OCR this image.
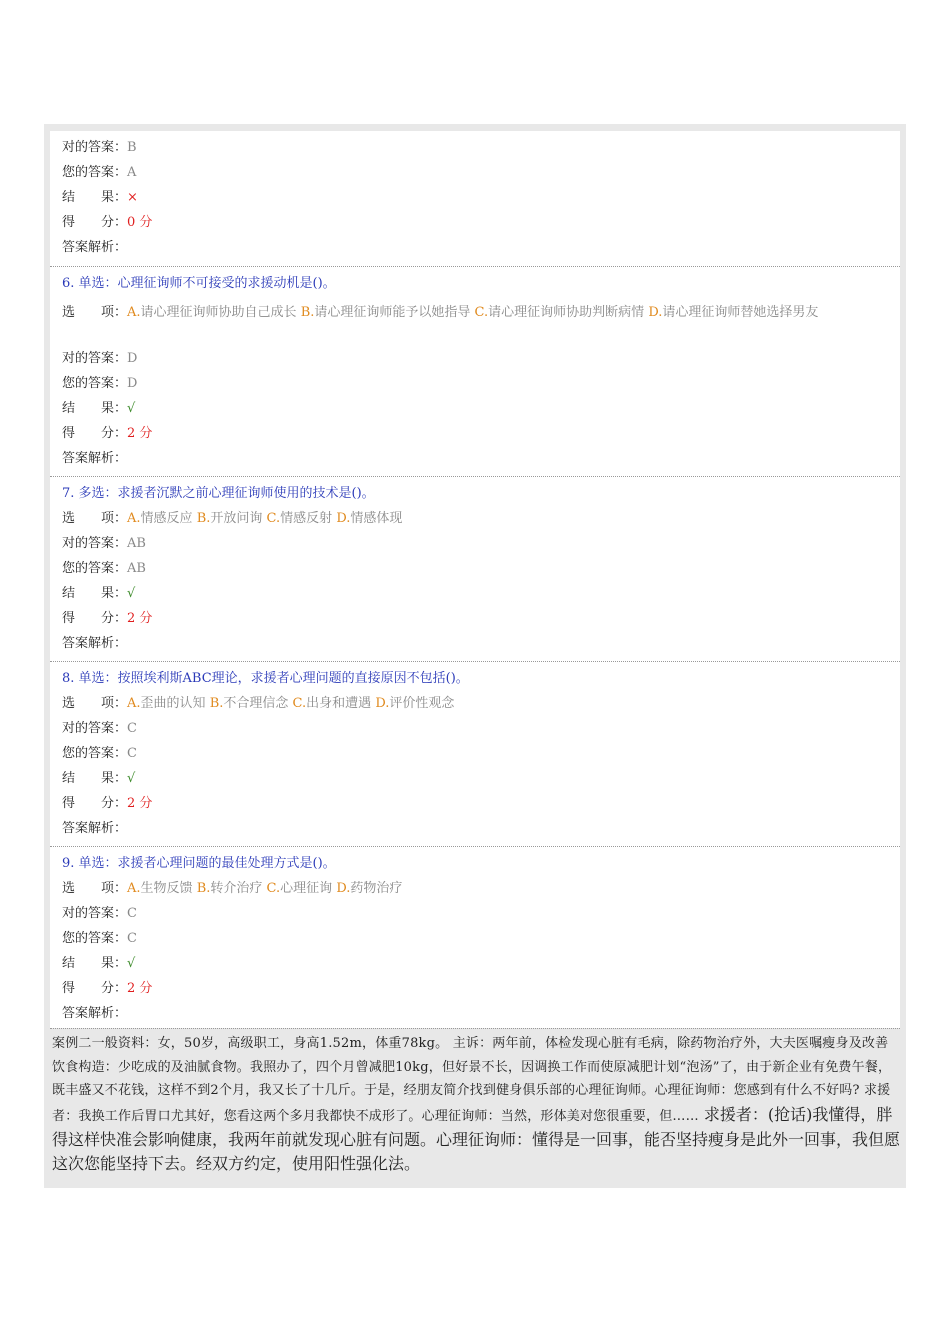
对的答案：B
您的答案：A
结　　果：×
得　　分：0 分
答案解析：
6. 单选：心理征询师不可接受的求援动机是()。
选　　项：A.请心理征询师协助自己成长 B.请心理征询师能予以她指导 C.请心理征询师协助判断病情 D.请心理征询师替她选择男友
对的答案：D
您的答案：D
结　　果：√
得　　分：2 分
答案解析：
7. 多选：求援者沉默之前心理征询师使用的技术是()。
选　　项：A.情感反应 B.开放问询 C.情感反射 D.情感体现
对的答案：AB
您的答案：AB
结　　果：√
得　　分：2 分
答案解析：
8. 单选：按照埃利斯ABC理论，求援者心理问题的直接原因不包括()。
选　　项：A.歪曲的认知 B.不合理信念 C.出身和遭遇 D.评价性观念
对的答案：C
您的答案：C
结　　果：√
得　　分：2 分
答案解析：
9. 单选：求援者心理问题的最佳处理方式是()。
选　　项：A.生物反馈 B.转介治疗 C.心理征询 D.药物治疗
对的答案：C
您的答案：C
结　　果：√
得　　分：2 分
答案解析：
案例二一般资料：女，50岁，高级职工，身高1.52m，体重78kg。 主诉：两年前，体检发现心脏有毛病，除药物治疗外，大夫医嘱瘦身及改善饮食构造：少吃成的及油腻食物。我照办了，四个月曾减肥10kg，但好景不长，因调换工作而使原减肥计划“泡汤”了，由于新企业有免费午餐，既丰盛又不花钱，这样不到2个月，我又长了十几斤。于是，经朋友简介找到健身俱乐部的心理征询师。心理征询师：您感到有什么不好吗? 求援者：我换工作后胃口尤其好，您看这两个多月我都快不成形了。心理征询师：当然，形体美对您很重要，但…… 求援者：(抢话)我懂得，胖得这样快准会影响健康，我两年前就发现心脏有问题。心理征询师：懂得是一回事，能否坚持瘦身是此外一回事，我但愿这次您能坚持下去。经双方约定，使用阳性强化法。
